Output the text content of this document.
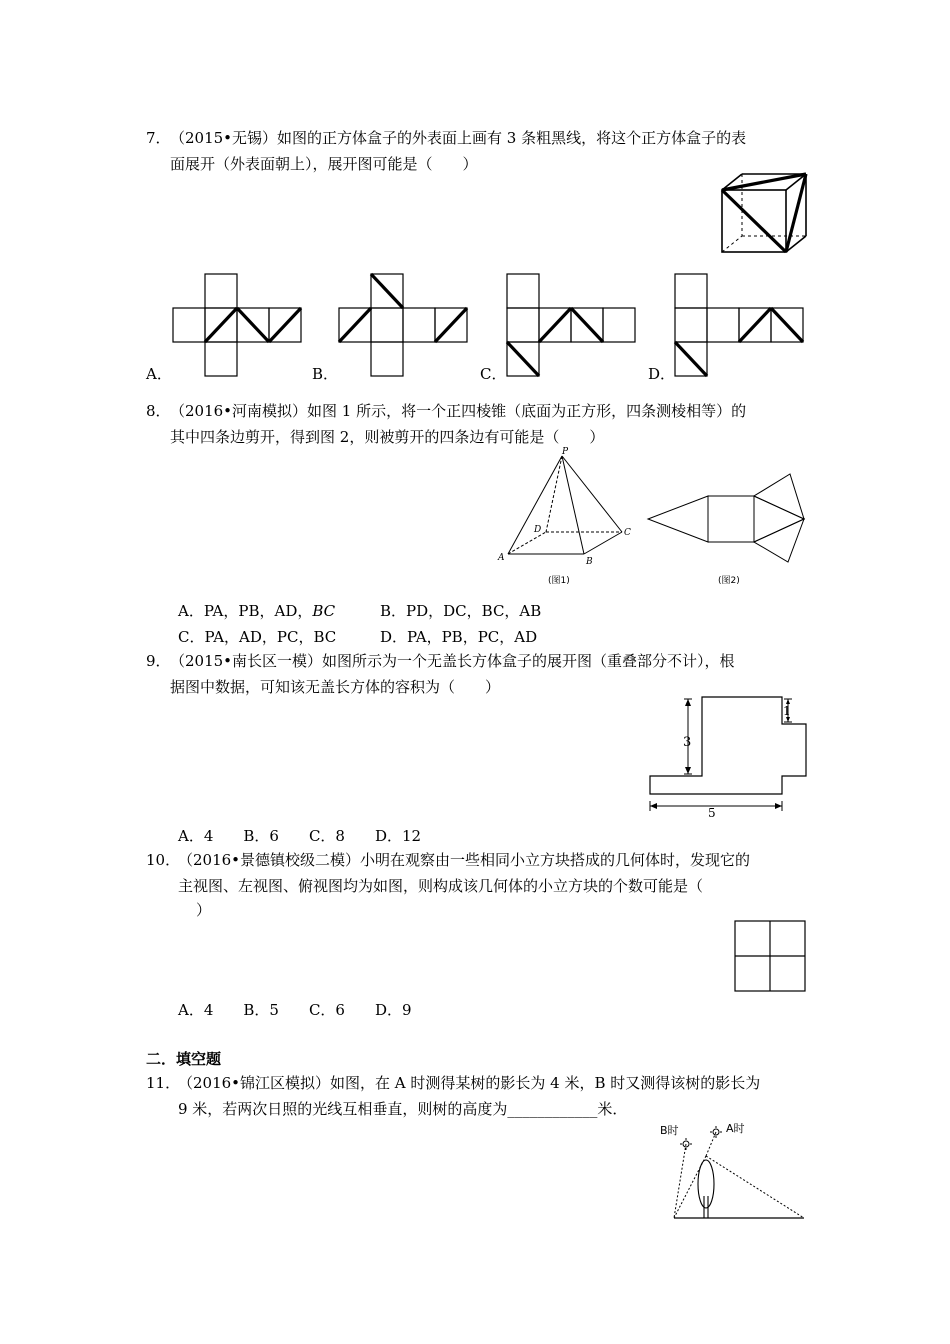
7． （2015•无锡）如图的正方体盒子的外表面上画有 3 条粗黑线，将这个正方体盒子的表
面展开（外表面朝上），展开图可能是（　　）
A．	B．	C．	D．
8． （2016•河南模拟）如图 1 所示，将一个正四棱锥（底面为正方形，四条测棱相等）的
其中四条边剪开，得到图 2，则被剪开的四条边有可能是（　　）
P
A	B
C
D
(图1)	(图2)
A．PA，PB，AD，BC	B．PD，DC，BC，AB
C．PA，AD，PC，BC	D．PA，PB，PC，AD
9． （2015•南长区一模）如图所示为一个无盖长方体盒子的展开图（重叠部分不计），根
据图中数据，可知该无盖长方体的容积为（　　）
3
1
5
A．4　　B．6　　C．8　　D．12
10．
（2016•景德镇校级二模）小明在观察由一些相同小立方块搭成的几何体时，发现它的
主视图、左视图、俯视图均为如图，则构成该几何体的小立方块的个数可能是（
）
A．4　　B．5　　C．6　　D．9
二．填空题
11．
（2016•锦江区模拟）如图，在 A 时测得某树的影长为 4 米，B 时又测得该树的影长为
9 米，若两次日照的光线互相垂直，则树的高度为____________米．
B时	A时
